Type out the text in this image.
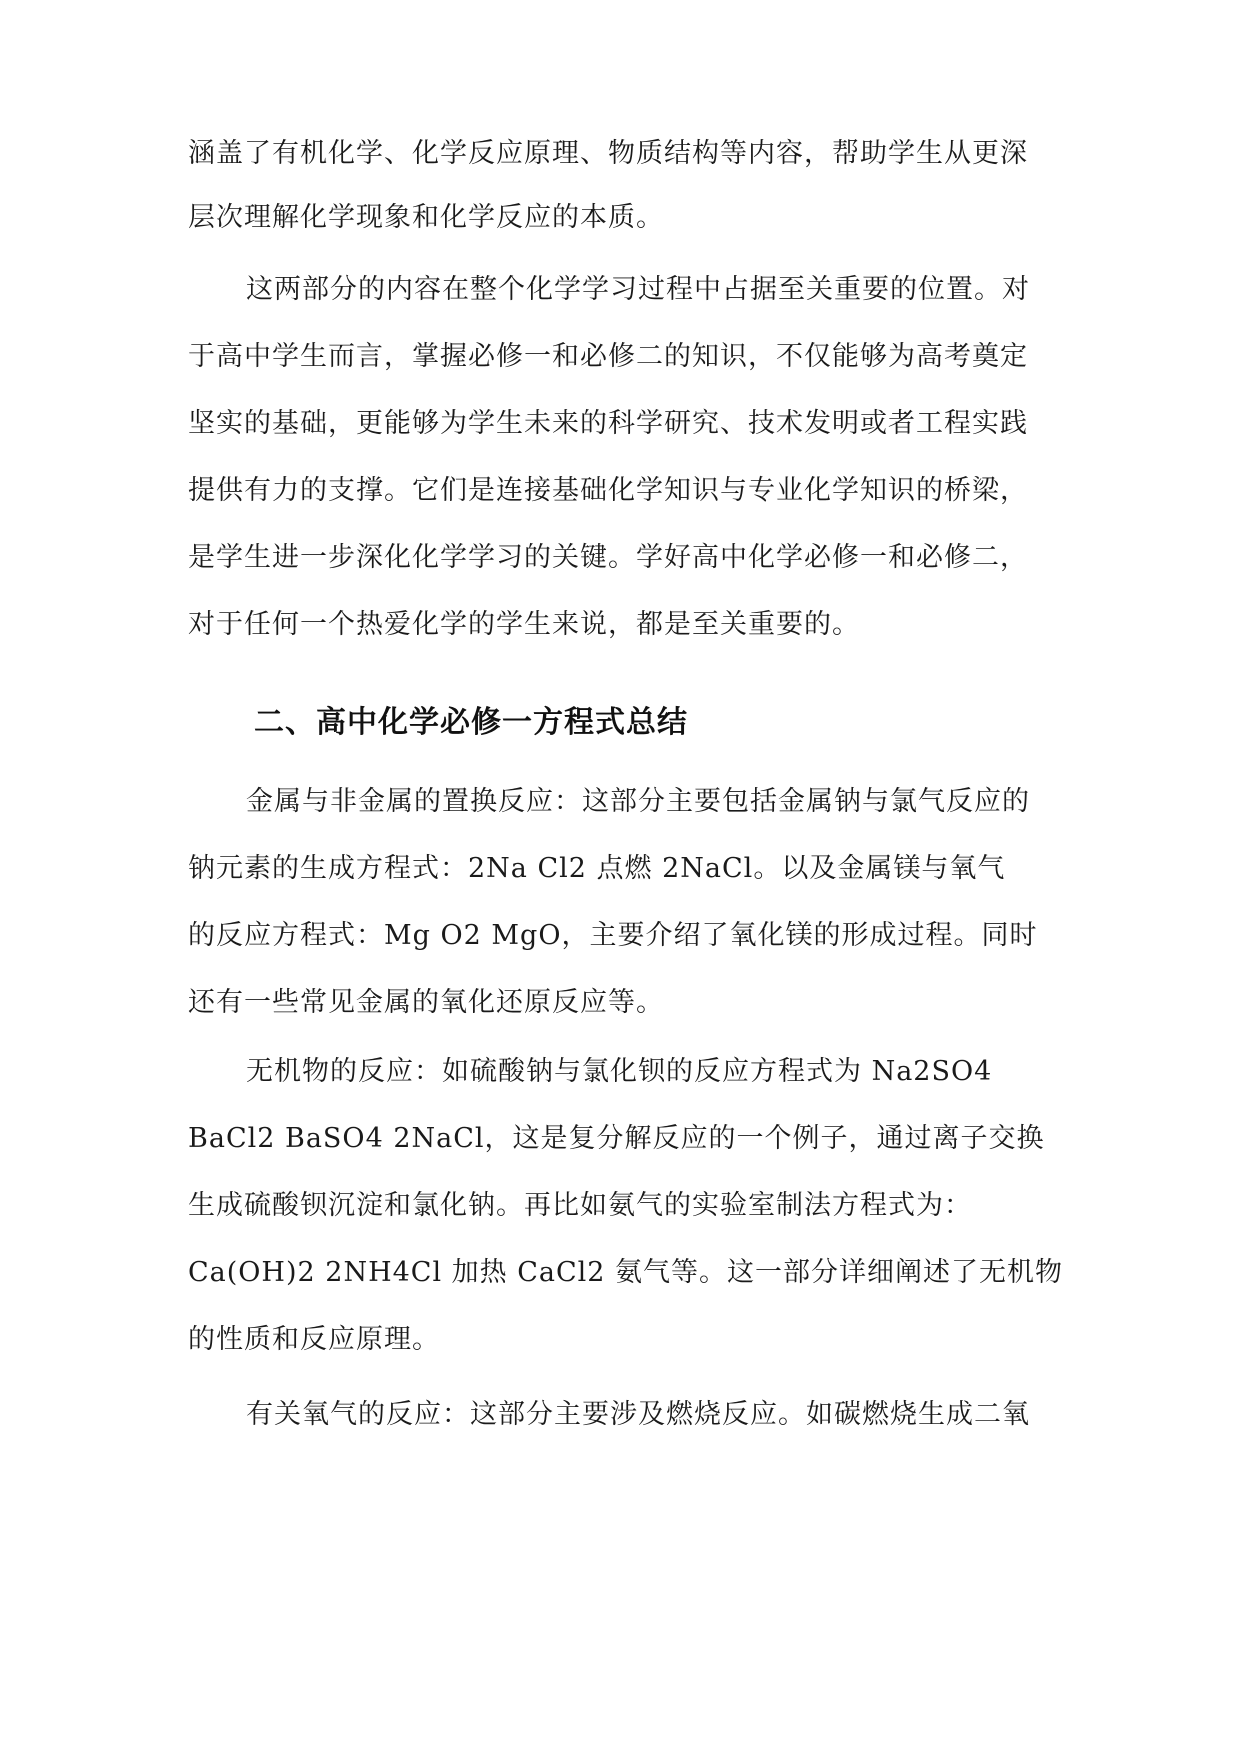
涵盖了有机化学、化学反应原理、物质结构等内容，帮助学生从更深
层次理解化学现象和化学反应的本质。
这两部分的内容在整个化学学习过程中占据至关重要的位置。对
于高中学生而言，掌握必修一和必修二的知识，不仅能够为高考奠定
坚实的基础，更能够为学生未来的科学研究、技术发明或者工程实践
提供有力的支撑。它们是连接基础化学知识与专业化学知识的桥梁，
是学生进一步深化化学学习的关键。学好高中化学必修一和必修二，
对于任何一个热爱化学的学生来说，都是至关重要的。
二、高中化学必修一方程式总结
金属与非金属的置换反应：这部分主要包括金属钠与氯气反应的
钠元素的生成方程式：2Na Cl2 点燃 2NaCl。以及金属镁与氧气
的反应方程式：Mg O2 MgO，主要介绍了氧化镁的形成过程。同时
还有一些常见金属的氧化还原反应等。
无机物的反应：如硫酸钠与氯化钡的反应方程式为 Na2SO4
BaCl2 BaSO4 2NaCl，这是复分解反应的一个例子，通过离子交换
生成硫酸钡沉淀和氯化钠。再比如氨气的实验室制法方程式为：
Ca(OH)2 2NH4Cl 加热 CaCl2 氨气等。这一部分详细阐述了无机物
的性质和反应原理。
有关氧气的反应：这部分主要涉及燃烧反应。如碳燃烧生成二氧
